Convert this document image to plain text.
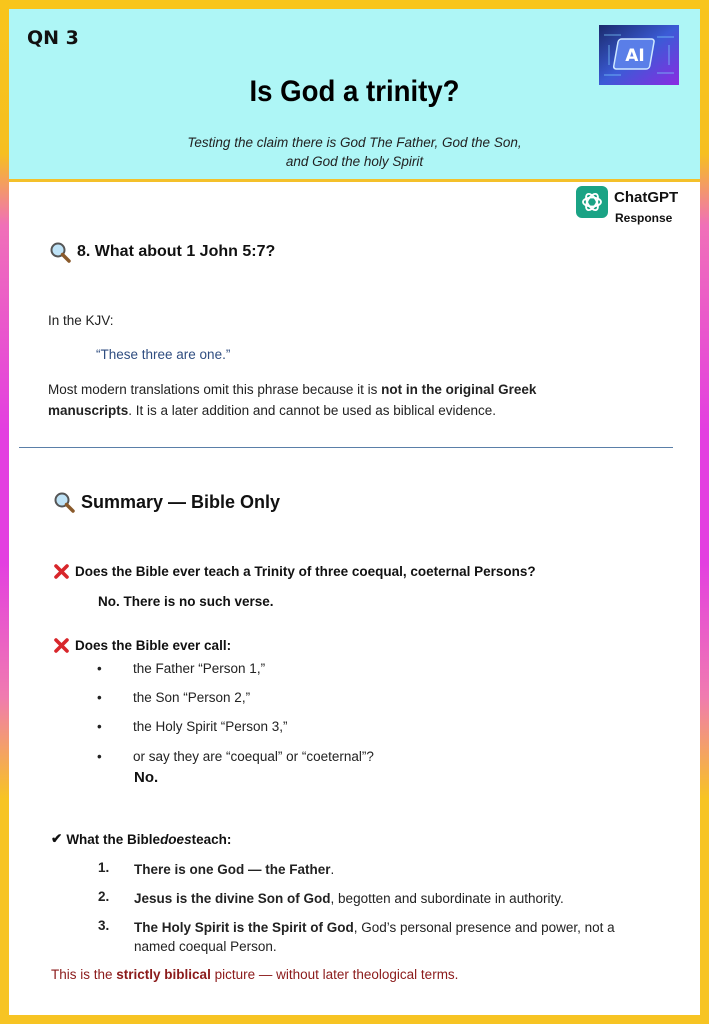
QN 3
AI
Is God a trinity?
Testing the claim there is God The Father, God the Son,
and God the holy Spirit
ChatGPT
Response
8. What about 1 John 5:7?
In the KJV:
“These three are one.”
Most modern translations omit this phrase because it is not in the original Greek manuscripts. It is a later addition and cannot be used as biblical evidence.
Summary — Bible Only
Does the Bible ever teach a Trinity of three coequal, coeternal Persons?
No. There is no such verse.
Does the Bible ever call:
• the Father “Person 1,”
• the Son “Person 2,”
• the Holy Spirit “Person 3,”
• or say they are “coequal” or “coeternal”?
No.
✔ What the Bible does teach:
1. There is one God — the Father.
2. Jesus is the divine Son of God, begotten and subordinate in authority.
3. The Holy Spirit is the Spirit of God, God’s personal presence and power, not a named coequal Person.
This is the strictly biblical picture — without later theological terms.
